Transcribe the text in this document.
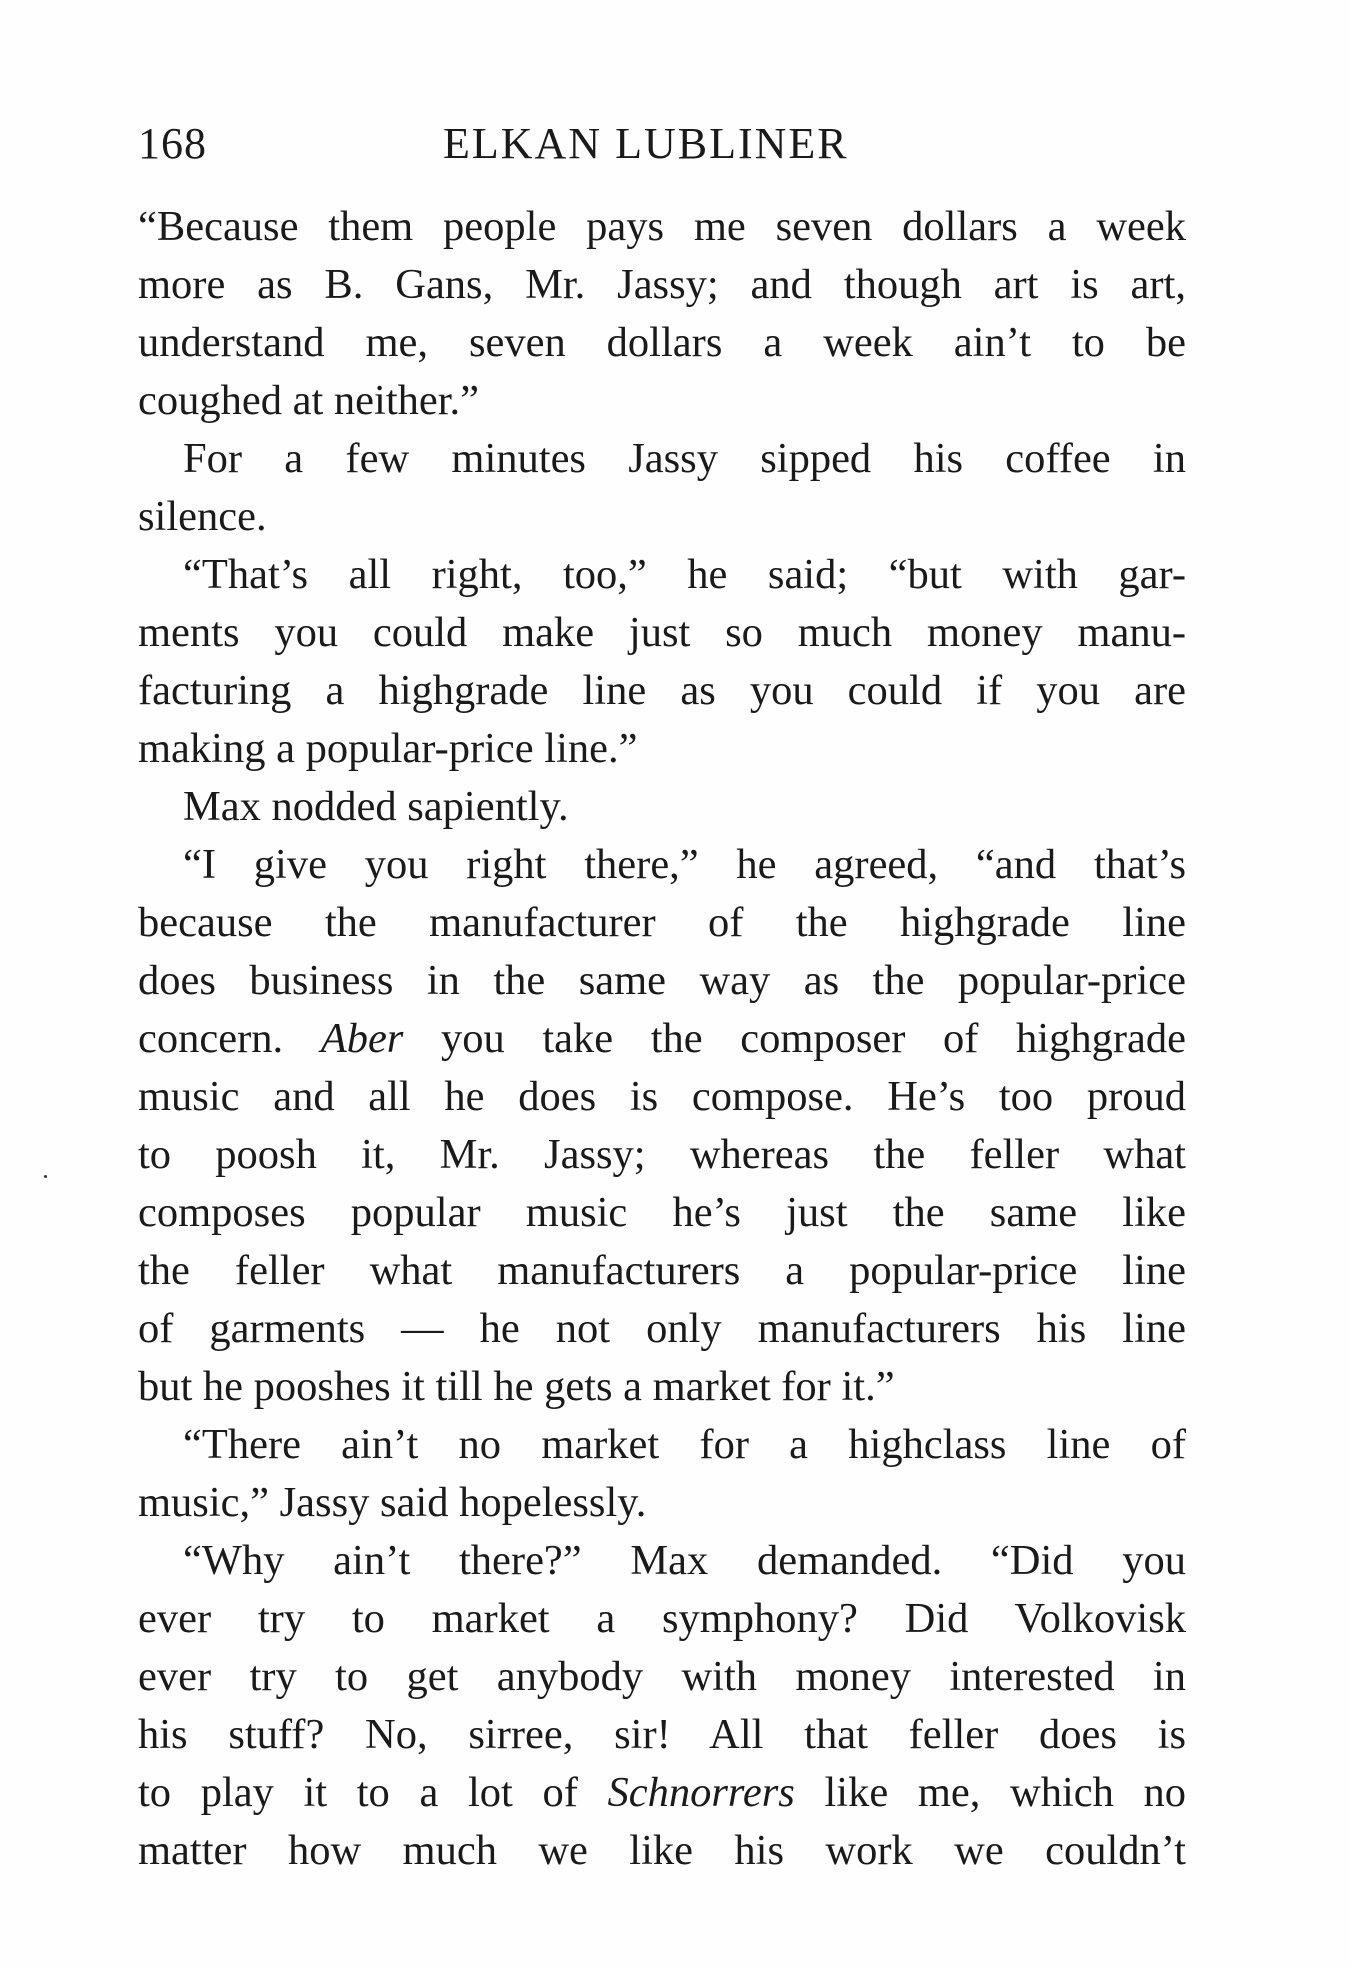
168	ELKAN LUBLINER
“Because them people pays me seven dollars a week
more as B. Gans, Mr. Jassy; and though art is art,
understand me, seven dollars a week ain’t to be
coughed at neither.”
For a few minutes Jassy sipped his coffee in
silence.
“That’s all right, too,” he said; “but with gar-
ments you could make just so much money manu-
facturing a highgrade line as you could if you are
making a popular-price line.”
Max nodded sapiently.
“I give you right there,” he agreed, “and that’s
because the manufacturer of the highgrade line
does business in the same way as the popular-price
concern. Aber you take the composer of highgrade
music and all he does is compose. He’s too proud
to poosh it, Mr. Jassy; whereas the feller what
composes popular music he’s just the same like
the feller what manufacturers a popular-price line
of garments — he not only manufacturers his line
but he pooshes it till he gets a market for it.”
“There ain’t no market for a highclass line of
music,” Jassy said hopelessly.
“Why ain’t there?” Max demanded. “Did you
ever try to market a symphony? Did Volkovisk
ever try to get anybody with money interested in
his stuff? No, sirree, sir! All that feller does is
to play it to a lot of Schnorrers like me, which no
matter how much we like his work we couldn’t
